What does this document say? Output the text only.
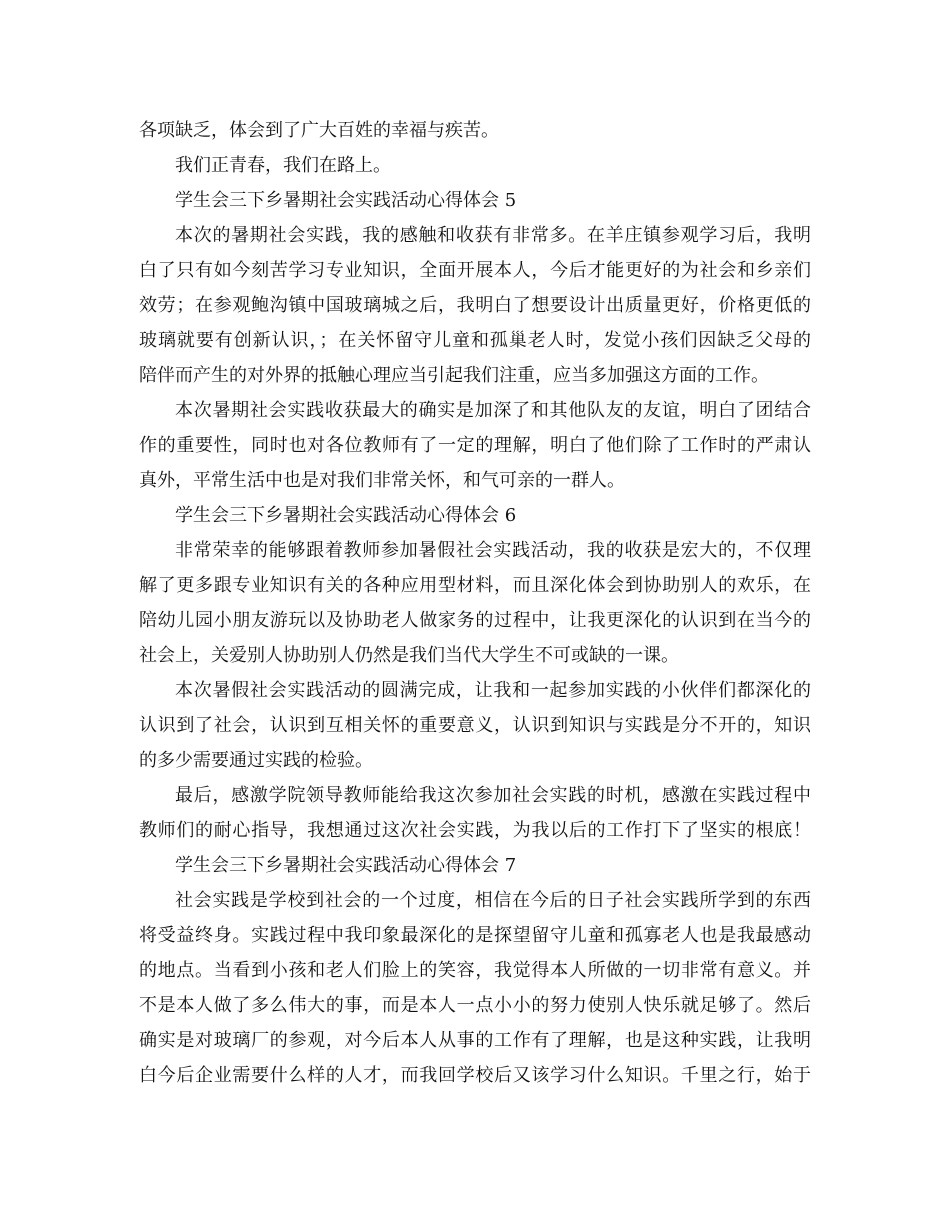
各项缺乏，体会到了广大百姓的幸福与疾苦。
我们正青春，我们在路上。
学生会三下乡暑期社会实践活动心得体会 5
本次的暑期社会实践，我的感触和收获有非常多。在羊庄镇参观学习后，我明
白了只有如今刻苦学习专业知识，全面开展本人，今后才能更好的为社会和乡亲们
效劳；在参观鲍沟镇中国玻璃城之后，我明白了想要设计出质量更好，价格更低的
玻璃就要有创新认识，；在关怀留守儿童和孤巢老人时，发觉小孩们因缺乏父母的
陪伴而产生的对外界的抵触心理应当引起我们注重，应当多加强这方面的工作。
本次暑期社会实践收获最大的确实是加深了和其他队友的友谊，明白了团结合
作的重要性，同时也对各位教师有了一定的理解，明白了他们除了工作时的严肃认
真外，平常生活中也是对我们非常关怀，和气可亲的一群人。
学生会三下乡暑期社会实践活动心得体会 6
非常荣幸的能够跟着教师参加暑假社会实践活动，我的收获是宏大的，不仅理
解了更多跟专业知识有关的各种应用型材料，而且深化体会到协助别人的欢乐，在
陪幼儿园小朋友游玩以及协助老人做家务的过程中，让我更深化的认识到在当今的
社会上，关爱别人协助别人仍然是我们当代大学生不可或缺的一课。
本次暑假社会实践活动的圆满完成，让我和一起参加实践的小伙伴们都深化的
认识到了社会，认识到互相关怀的重要意义，认识到知识与实践是分不开的，知识
的多少需要通过实践的检验。
最后，感激学院领导教师能给我这次参加社会实践的时机，感激在实践过程中
教师们的耐心指导，我想通过这次社会实践，为我以后的工作打下了坚实的根底！
学生会三下乡暑期社会实践活动心得体会 7
社会实践是学校到社会的一个过度，相信在今后的日子社会实践所学到的东西
将受益终身。实践过程中我印象最深化的是探望留守儿童和孤寡老人也是我最感动
的地点。当看到小孩和老人们脸上的笑容，我觉得本人所做的一切非常有意义。并
不是本人做了多么伟大的事，而是本人一点小小的努力使别人快乐就足够了。然后
确实是对玻璃厂的参观，对今后本人从事的工作有了理解，也是这种实践，让我明
白今后企业需要什么样的人才，而我回学校后又该学习什么知识。千里之行，始于
